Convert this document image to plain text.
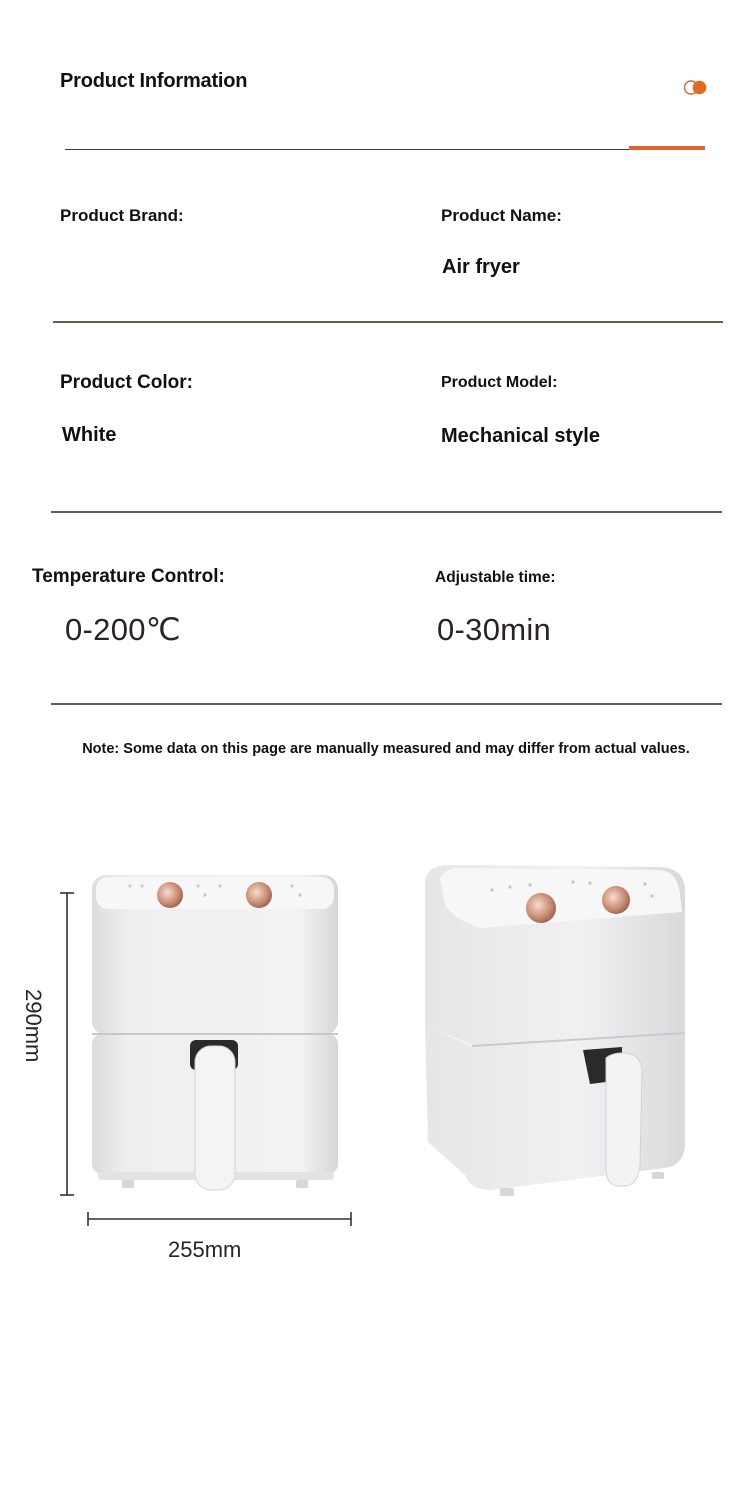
Product Information
Product Brand:	Product Name:
Air fryer
Product Color:
White
Product Model:
Mechanical style
Temperature Control:
0-200℃
Adjustable time:
0-30min
Note: Some data on this page are manually measured and may differ from actual values.
290mm
255mm
